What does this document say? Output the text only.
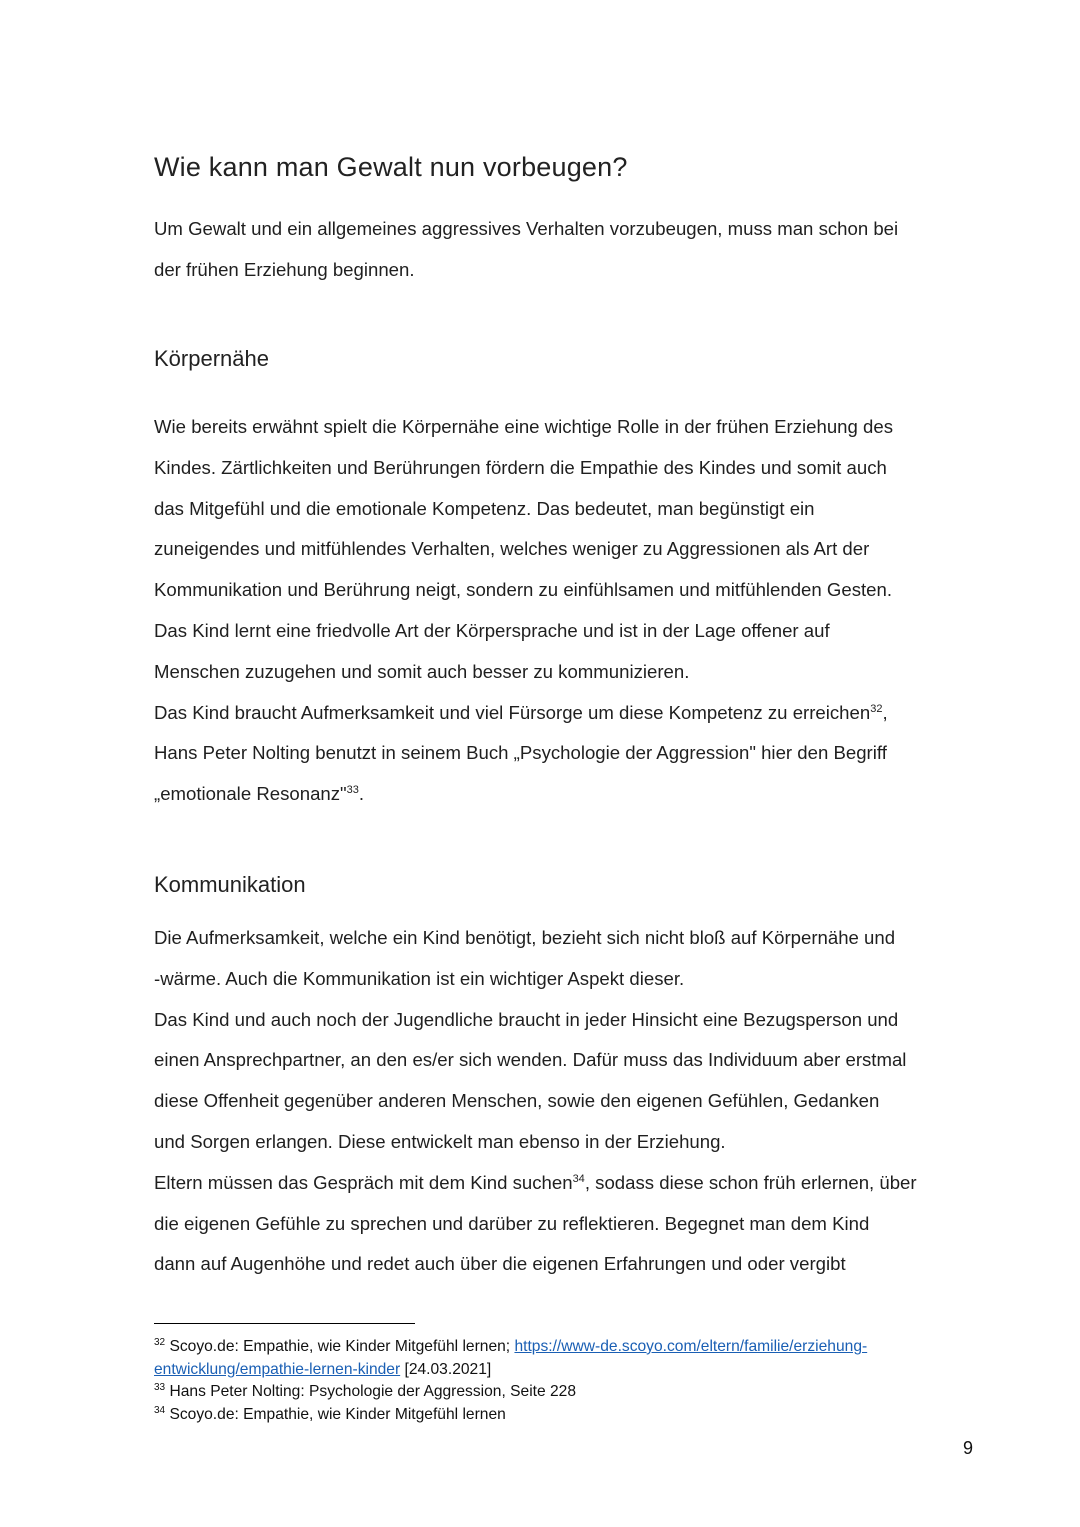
Wie kann man Gewalt nun vorbeugen?

Um Gewalt und ein allgemeines aggressives Verhalten vorzubeugen, muss man schon bei
der frühen Erziehung beginnen.

Körpernähe

Wie bereits erwähnt spielt die Körpernähe eine wichtige Rolle in der frühen Erziehung des
Kindes. Zärtlichkeiten und Berührungen fördern die Empathie des Kindes und somit auch
das Mitgefühl und die emotionale Kompetenz. Das bedeutet, man begünstigt ein
zuneigendes und mitfühlendes Verhalten, welches weniger zu Aggressionen als Art der
Kommunikation und Berührung neigt, sondern zu einfühlsamen und mitfühlenden Gesten.
Das Kind lernt eine friedvolle Art der Körpersprache und ist in der Lage offener auf
Menschen zuzugehen und somit auch besser zu kommunizieren.
Das Kind braucht Aufmerksamkeit und viel Fürsorge um diese Kompetenz zu erreichen$^{32}$,
Hans Peter Nolting benutzt in seinem Buch „Psychologie der Aggression" hier den Begriff
„emotionale Resonanz"$^{33}$.

Kommunikation

Die Aufmerksamkeit, welche ein Kind benötigt, bezieht sich nicht bloß auf Körpernähe und
-wärme. Auch die Kommunikation ist ein wichtiger Aspekt dieser.
Das Kind und auch noch der Jugendliche braucht in jeder Hinsicht eine Bezugsperson und
einen Ansprechpartner, an den es/er sich wenden. Dafür muss das Individuum aber erstmal
diese Offenheit gegenüber anderen Menschen, sowie den eigenen Gefühlen, Gedanken
und Sorgen erlangen. Diese entwickelt man ebenso in der Erziehung.
Eltern müssen das Gespräch mit dem Kind suchen$^{34}$, sodass diese schon früh erlernen, über
die eigenen Gefühle zu sprechen und darüber zu reflektieren. Begegnet man dem Kind
dann auf Augenhöhe und redet auch über die eigenen Erfahrungen und oder vergibt

$^{32}$ Scoyo.de: Empathie, wie Kinder Mitgefühl lernen; https://www-de.scoyo.com/eltern/familie/erziehung-
entwicklung/empathie-lernen-kinder [24.03.2021]
$^{33}$ Hans Peter Nolting: Psychologie der Aggression, Seite 228
$^{34}$ Scoyo.de: Empathie, wie Kinder Mitgefühl lernen
9
